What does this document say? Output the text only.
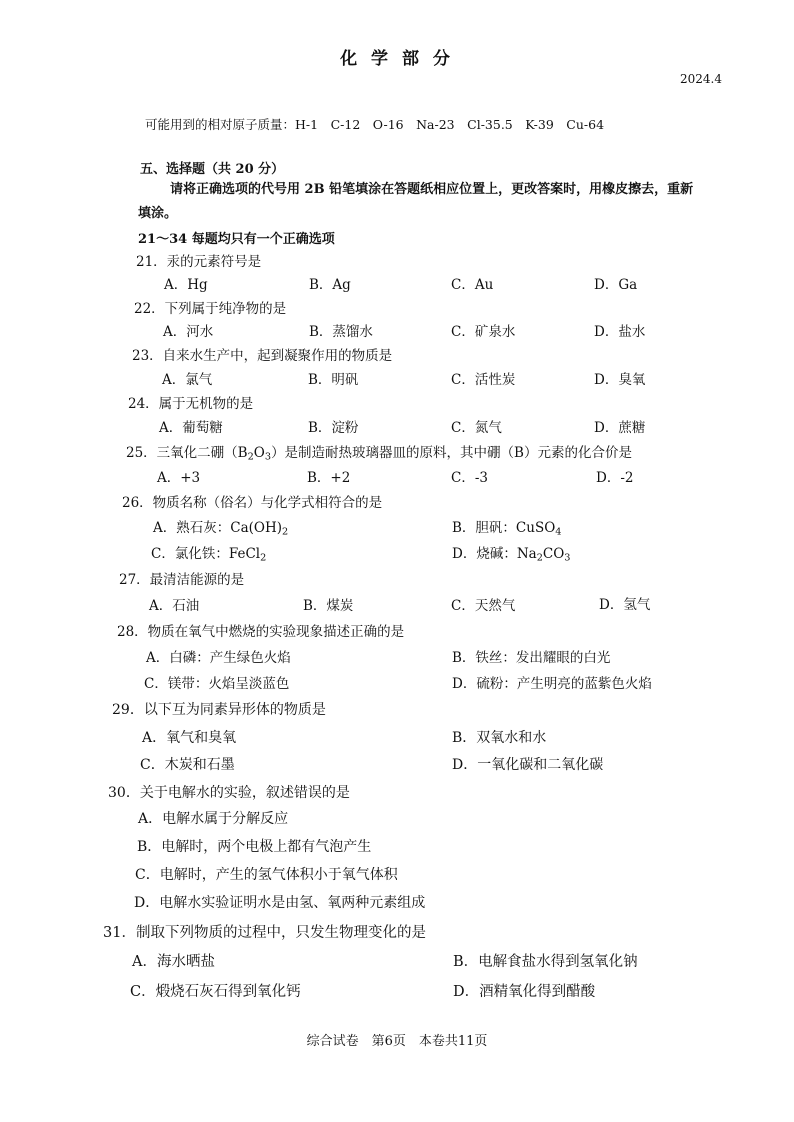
化 学 部 分
2024.4
可能用到的相对原子质量：H-1　C-12　O-16　Na-23　Cl-35.5　K-39　Cu-64
五、选择题（共 20 分）
请将正确选项的代号用 2B 铅笔填涂在答题纸相应位置上，更改答案时，用橡皮擦去，重新填涂。
21～34 每题均只有一个正确选项
21．汞的元素符号是
A．Hg	B．Ag	C．Au	D．Ga
22．下列属于纯净物的是
A．河水	B．蒸馏水	C．矿泉水	D．盐水
23．自来水生产中，起到凝聚作用的物质是
A．氯气	B．明矾	C．活性炭	D．臭氧
24．属于无机物的是
A．葡萄糖	B．淀粉	C．氮气	D．蔗糖
25．三氧化二硼$(B_2O_3)$是制造耐热玻璃器皿的原料，其中硼（B）元素的化合价是
A．+3	B．+2	C．-3	D．-2
26．物质名称（俗名）与化学式相符合的是
A．熟石灰：$Ca(OH)_2$	B．胆矾：CuSO$_4$
C．氯化铁：FeCl$_2$	D．烧碱：$Na_2CO_3$
27．最清洁能源的是
A．石油	B．煤炭	C．天然气	D．氢气
28．物质在氧气中燃烧的实验现象描述正确的是
A．白磷：产生绿色火焰	B．铁丝：发出耀眼的白光
C．镁带：火焰呈淡蓝色	D．硫粉：产生明亮的蓝紫色火焰
29．以下互为同素异形体的物质是
A．氧气和臭氧	B．双氧水和水
C．木炭和石墨	D．一氧化碳和二氧化碳
30．关于电解水的实验，叙述错误的是
A．电解水属于分解反应
B．电解时，两个电极上都有气泡产生
C．电解时，产生的氢气体积小于氧气体积
D．电解水实验证明水是由氢、氧两种元素组成
31．制取下列物质的过程中，只发生物理变化的是
A．海水晒盐	B．电解食盐水得到氢氧化钠
C．煅烧石灰石得到氧化钙	D．酒精氧化得到醋酸
综合试卷　第6页　本卷共11页
